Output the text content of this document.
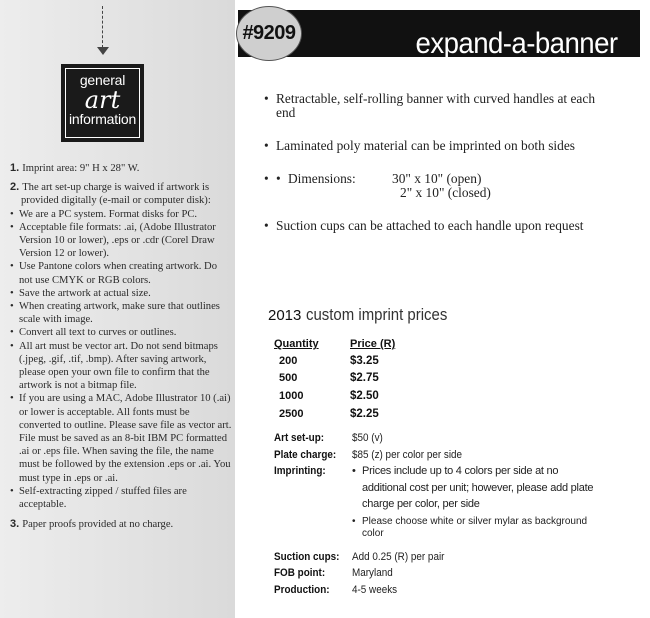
general
art
information
1. Imprint area: 9" H x 28" W.
2. The art set-up charge is waived if artwork is provided digitally (e-mail or computer disk):
• We are a PC system. Format disks for PC.
• Acceptable file formats: .ai, (Adobe Illustrator Version 10 or lower), .eps or .cdr (Corel Draw Version 12 or lower).
• Use Pantone colors when creating artwork. Do not use CMYK or RGB colors.
• Save the artwork at actual size.
• When creating artwork, make sure that outlines scale with image.
• Convert all text to curves or outlines.
• All art must be vector art. Do not send bitmaps (.jpeg, .gif, .tif, .bmp). After saving artwork, please open your own file to confirm that the artwork is not a bitmap file.
• If you are using a MAC, Adobe Illustrator 10 (.ai) or lower is acceptable. All fonts must be converted to outline. Please save file as vector art. File must be saved as an 8-bit IBM PC formatted .ai or .eps file. When saving the file, the name must be followed by the extension .eps or .ai. You must type in .eps or .ai.
• Self-extracting zipped / stuffed files are acceptable.
3. Paper proofs provided at no charge.
expand-a-banner
#9209
• Retractable, self-rolling banner with curved handles at each end
• Laminated poly material can be imprinted on both sides
• • Dimensions:	30" x 10" (open)
2" x 10" (closed)
• Suction cups can be attached to each handle upon request
2013 custom imprint prices
Quantity	Price (R)
200	$3.25
500	$2.75
1000	$2.50
2500	$2.25
Art set-up:	$50 (v)
Plate charge:	$85 (z) per color per side
Imprinting:
•	Prices include up to 4 colors per side at no additional cost per unit; however, please add plate charge per color, per side
• Please choose white or silver mylar as background color
Suction cups:	Add 0.25 (R) per pair
FOB point:	Maryland
Production:	4-5 weeks
